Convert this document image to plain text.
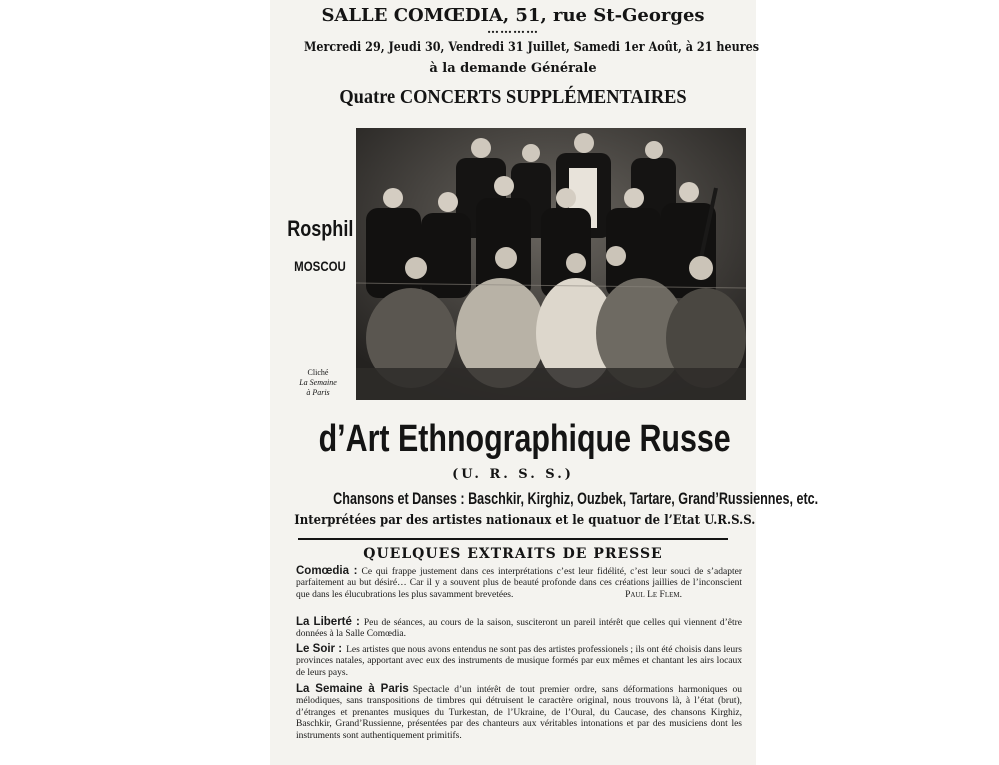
SALLE COMŒDIA, 51, rue St-Georges
…………
Mercredi 29, Jeudi 30, Vendredi 31 Juillet, Samedi 1er Août, à 21 heures
à la demande Générale
Quatre CONCERTS SUPPLÉMENTAIRES
Rosphil
MOSCOU
Cliché
La Semaine
à Paris
d’Art Ethnographique Russe
(U. R. S. S.)
Chansons et Danses : Baschkir, Kirghiz, Ouzbek, Tartare, Grand’Russiennes, etc.
Interprétées par des artistes nationaux et le quatuor de l’Etat U.R.S.S.
QUELQUES EXTRAITS DE PRESSE
Comœdia : Ce qui frappe justement dans ces interprétations c’est leur fidélité, c’est leur souci de s’adapter parfaitement au but désiré… Car il y a souvent plus de beauté profonde dans ces créations jaillies de l’inconscient que dans les élucubrations les plus savamment brevetées.	Paul Le Flem.
La Liberté : Peu de séances, au cours de la saison, susciteront un pareil intérêt que celles qui viennent d’être données à la Salle Comœdia.
Le Soir : Les artistes que nous avons entendus ne sont pas des artistes professionels ; ils ont été choisis dans leurs provinces natales, apportant avec eux des instruments de musique formés par eux mêmes et chantant les airs locaux de leurs pays.
La Semaine à Paris Spectacle d’un intérêt de tout premier ordre, sans déformations harmoniques ou mélodiques, sans transpositions de timbres qui détruisent le caractère original, nous trouvons là, à l’état (brut), d’étranges et prenantes musiques du Turkestan, de l’Ukraine, de l’Oural, du Caucase, des chansons Kirghiz, Baschkir, Grand’Russienne, présentées par des chanteurs aux véritables intonations et par des musiciens dont les instruments sont authentiquement primitifs.
